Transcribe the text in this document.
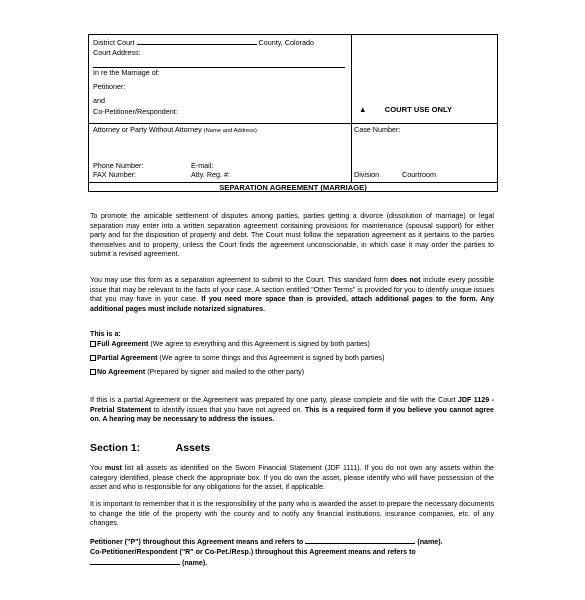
District Court	County, Colorado
Court Address:
In re the Marriage of:
Petitioner:
and
Co-Petitioner/Respondent:	▲ COURT USE ONLY
Attorney or Party Without Attorney (Name and Address):
Phone Number:	E-mail:
FAX Number:	Atty. Reg. #:
Case Number:
Division	Courtroom
SEPARATION AGREEMENT (MARRIAGE)
To promote the amicable settlement of disputes among parties, parties getting a divorce (dissolution of marriage) or legal separation may enter into a written separation agreement containing provisions for maintenance (spousal support) for either party and for the disposition of property and debt. The Court must follow the separation agreement as it pertains to the parties themselves and to property, unless the Court finds the agreement unconscionable, in which case it may order the parties to submit a revised agreement.
You may use this form as a separation agreement to submit to the Court. This standard form does not include every possible issue that may be relevant to the facts of your case. A section entitled "Other Terms" is provided for you to identify unique issues that you may have in your case. If you need more space than is provided, attach additional pages to the form. Any additional pages must include notarized signatures.
This is a:
Full Agreement (We agree to everything and this Agreement is signed by both parties)
Partial Agreement (We agree to some things and this Agreement is signed by both parties)
No Agreement (Prepared by signer and mailed to the other party)
If this is a partial Agreement or the Agreement was prepared by one party, please complete and file with the Court JDF 1129 - Pretrial Statement to identify issues that you have not agreed on. This is a required form if you believe you cannot agree on. A hearing may be necessary to address the issues.
Section 1:	Assets
You must list all assets as identified on the Sworn Financial Statement (JDF 1111). If you do not own any assets within the category identified, please check the appropriate box. If you do own the asset, please identify who will have possession of the asset and who is responsible for any obligations for the asset, if applicable.
It is important to remember that it is the responsibility of the party who is awarded the asset to prepare the necessary documents to change the title of the property with the county and to notify any financial institutions, insurance companies, etc. of any changes.
Petitioner ("P") throughout this Agreement means and refers to	(name).
Co-Petitioner/Respondent ("R" or Co-Pet./Resp.) throughout this Agreement means and refers to
(name).
